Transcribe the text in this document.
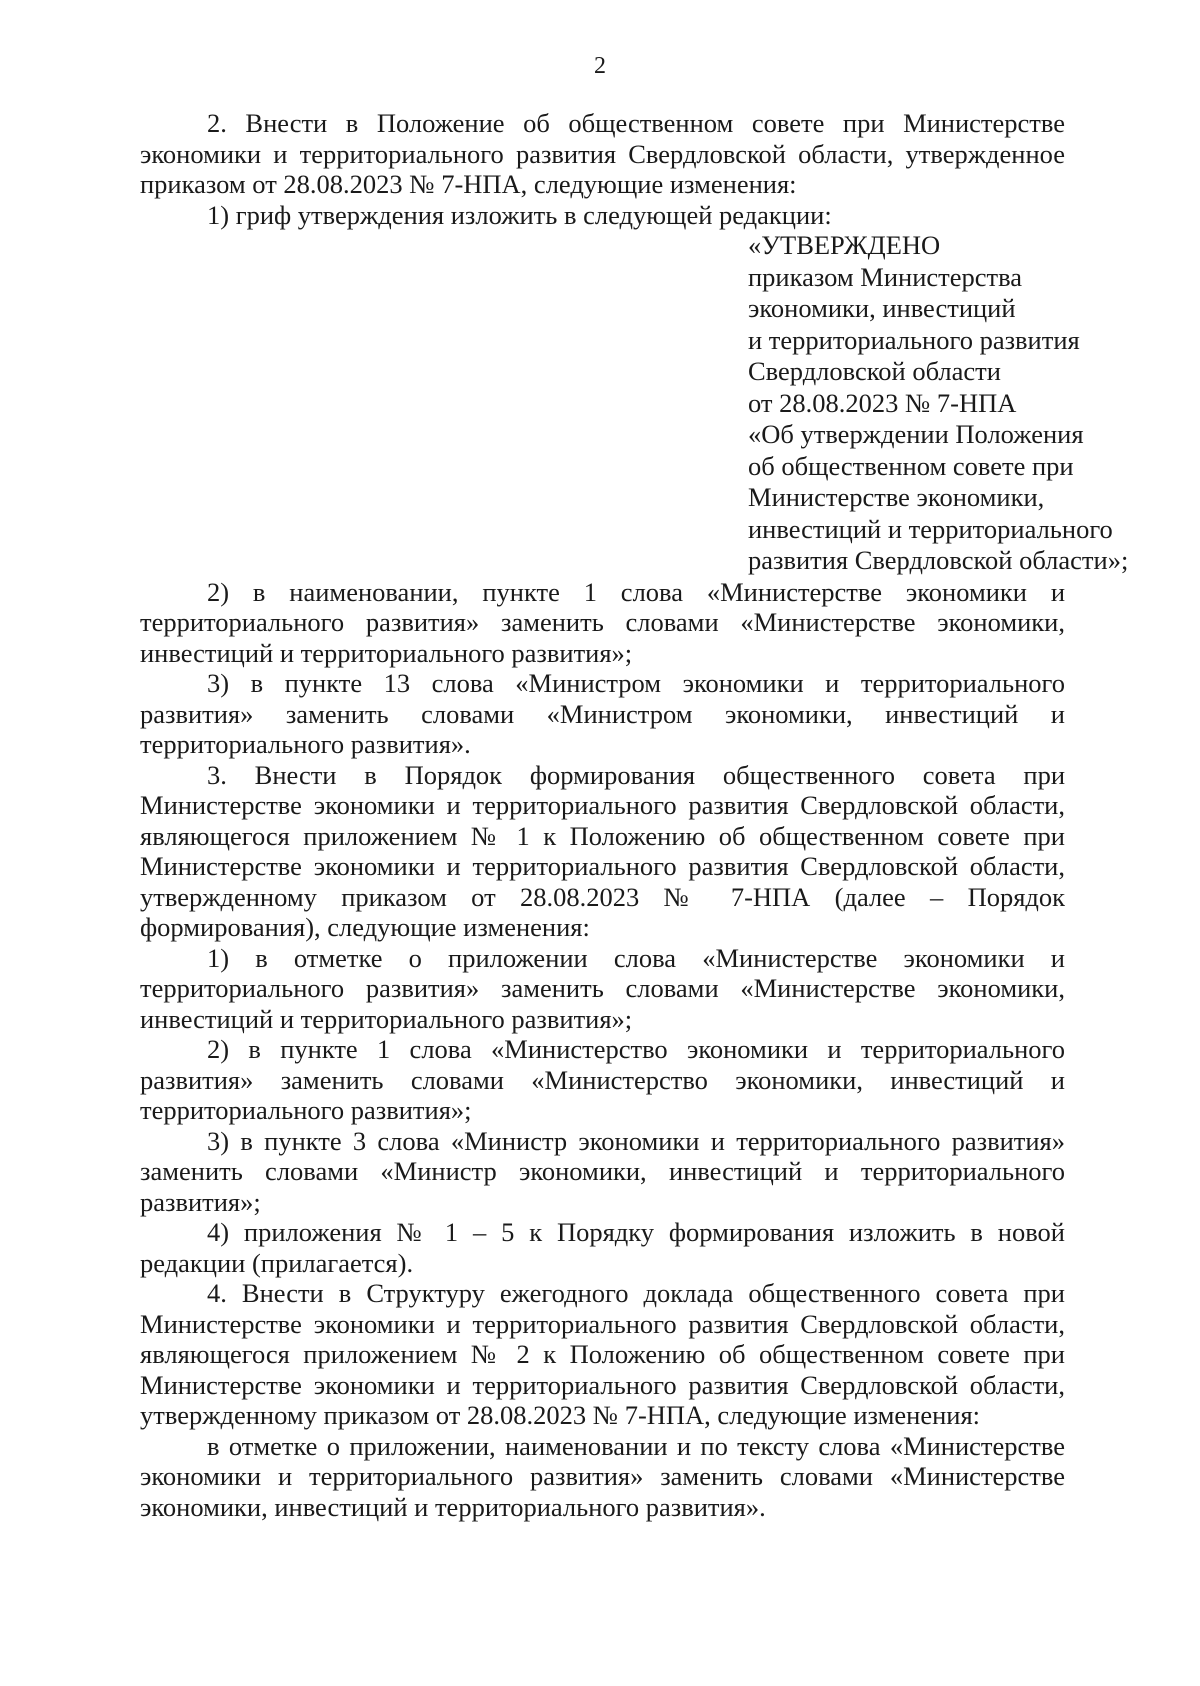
2

2. Внести в Положение об общественном совете при Министерстве экономики и территориального развития Свердловской области, утвержденное приказом от 28.08.2023 № 7-НПА, следующие изменения:

1) гриф утверждения изложить в следующей редакции:

«УТВЕРЖДЕНО
приказом Министерства
экономики, инвестиций
и территориального развития
Свердловской области
от 28.08.2023 № 7-НПА
«Об утверждении Положения
об общественном совете при
Министерстве экономики,
инвестиций и территориального
развития Свердловской области»;

2) в наименовании, пункте 1 слова «Министерстве экономики и территориального развития» заменить словами «Министерстве экономики, инвестиций и территориального развития»;

3) в пункте 13 слова «Министром экономики и территориального развития» заменить словами «Министром экономики, инвестиций и территориального развития».

3. Внести в Порядок формирования общественного совета при Министерстве экономики и территориального развития Свердловской области, являющегося приложением № 1 к Положению об общественном совете при Министерстве экономики и территориального развития Свердловской области, утвержденному приказом от 28.08.2023 № 7-НПА (далее – Порядок формирования), следующие изменения:

1) в отметке о приложении слова «Министерстве экономики и территориального развития» заменить словами «Министерстве экономики, инвестиций и территориального развития»;

2) в пункте 1 слова «Министерство экономики и территориального развития» заменить словами «Министерство экономики, инвестиций и территориального развития»;

3) в пункте 3 слова «Министр экономики и территориального развития» заменить словами «Министр экономики, инвестиций и территориального развития»;

4) приложения № 1 – 5 к Порядку формирования изложить в новой редакции (прилагается).

4. Внести в Структуру ежегодного доклада общественного совета при Министерстве экономики и территориального развития Свердловской области, являющегося приложением № 2 к Положению об общественном совете при Министерстве экономики и территориального развития Свердловской области, утвержденному приказом от 28.08.2023 № 7-НПА, следующие изменения:

в отметке о приложении, наименовании и по тексту слова «Министерстве экономики и территориального развития» заменить словами «Министерстве экономики, инвестиций и территориального развития».
